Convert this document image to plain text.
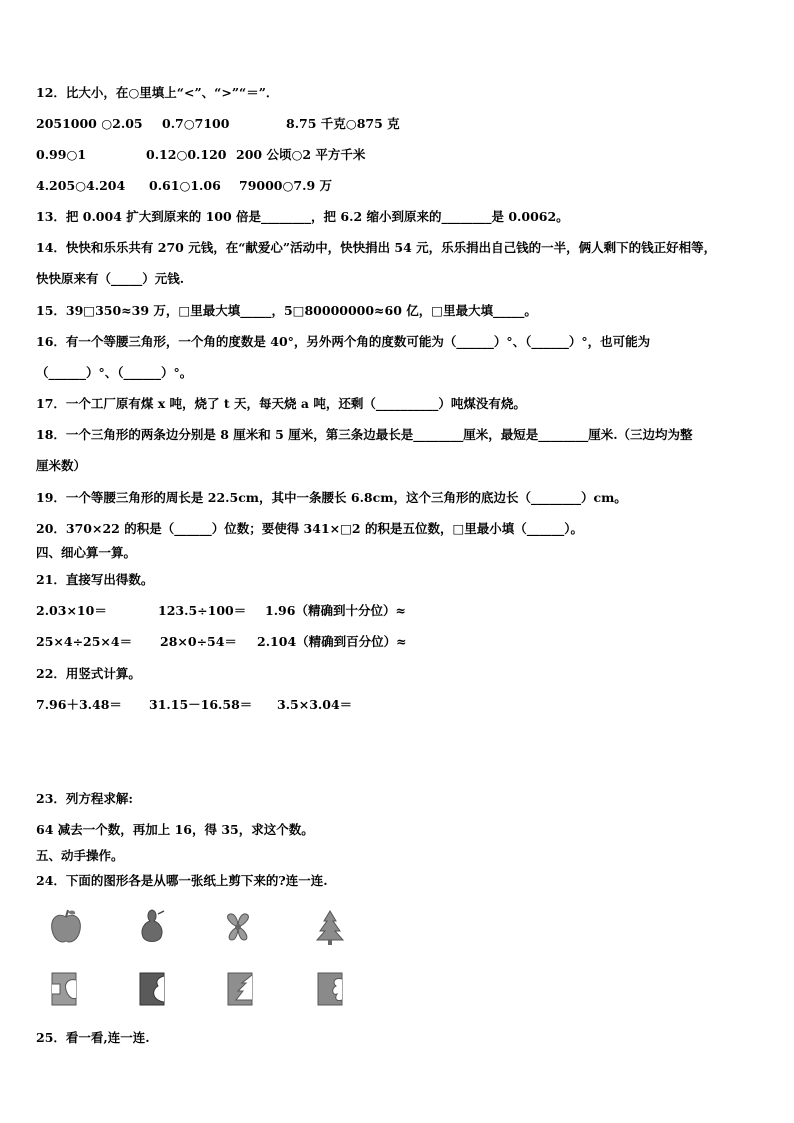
12．比大小，在○里填上“<”、“>”“＝”．
2051000 ○2.05 0.7○7100	8.75 千克○875 克
0.99○1	0.12○0.120 200 公顷○2 平方千米
4.205○4.204 0.61○1.06 79000○7.9 万
13．把 0.004 扩大到原来的 100 倍是________，把 6.2 缩小到原来的________是 0.0062。
14．快快和乐乐共有 270 元钱，在“献爱心”活动中，快快捐出 54 元，乐乐捐出自己钱的一半，俩人剩下的钱正好相等，
快快原来有（_____）元钱.
15．39□350≈39 万，□里最大填_____，5□80000000≈60 亿，□里最大填_____。
16．有一个等腰三角形，一个角的度数是 40°，另外两个角的度数可能为（______）°、（______）°，也可能为
（______）°、（______）°。
17．一个工厂原有煤 x 吨，烧了 t 天，每天烧 a 吨，还剩（__________）吨煤没有烧。
18．一个三角形的两条边分别是 8 厘米和 5 厘米，第三条边最长是________厘米，最短是________厘米.（三边均为整
厘米数）
19．一个等腰三角形的周长是 22.5cm，其中一条腰长 6.8cm，这个三角形的底边长（________）cm。
20．370×22 的积是（______）位数；要使得 341×□2 的积是五位数，□里最小填（______）。
四、细心算一算。
21．直接写出得数。
2.03×10＝	123.5÷100＝ 1.96（精确到十分位）≈
25×4÷25×4＝ 28×0÷54＝ 2.104（精确到百分位）≈
22．用竖式计算。
7.96＋3.48＝ 31.15－16.58＝ 3.5×3.04＝
23．列方程求解:
64 减去一个数，再加上 16，得 35，求这个数。
五、动手操作。
24．下面的图形各是从哪一张纸上剪下来的?连一连.
25．看一看,连一连.
